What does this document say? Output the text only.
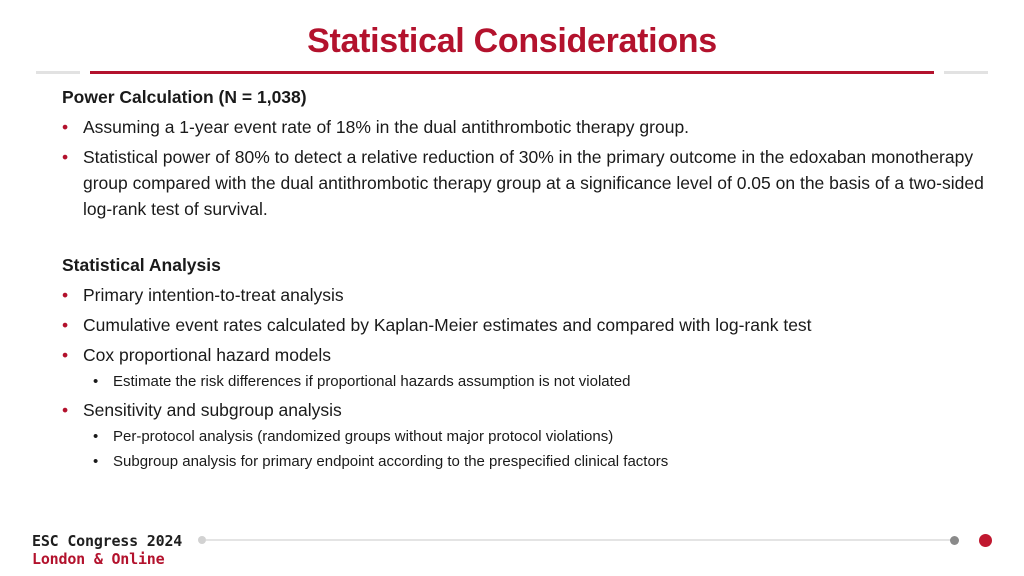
Statistical Considerations
Power Calculation (N = 1,038)
• Assuming a 1-year event rate of 18% in the dual antithrombotic therapy group.
• Statistical power of 80% to detect a relative reduction of 30% in the primary outcome in the edoxaban monotherapy group compared with the dual antithrombotic therapy group at a significance level of 0.05 on the basis of a two-sided log-rank test of survival.
Statistical Analysis
• Primary intention-to-treat analysis
• Cumulative event rates calculated by Kaplan-Meier estimates and compared with log-rank test
• Cox proportional hazard models
• Estimate the risk differences if proportional hazards assumption is not violated
• Sensitivity and subgroup analysis
• Per-protocol analysis (randomized groups without major protocol violations)
• Subgroup analysis for primary endpoint according to the prespecified clinical factors
ESC Congress 2024
London & Online
